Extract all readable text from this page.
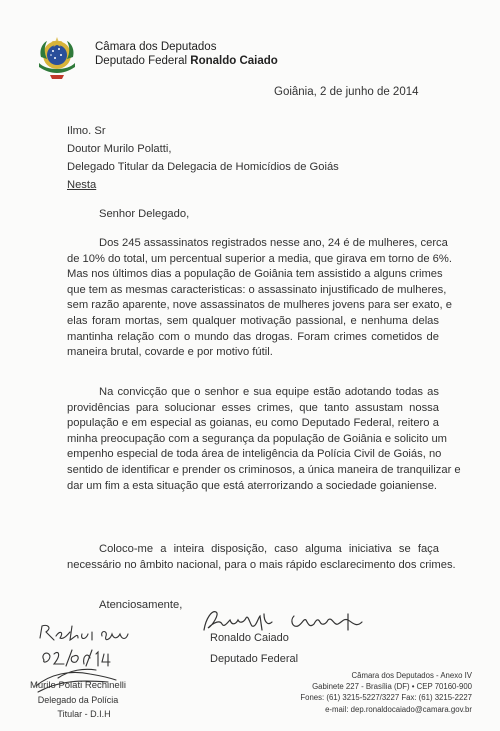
Câmara dos Deputados
Deputado Federal Ronaldo Caiado
Goiânia, 2 de junho de 2014
Ilmo. Sr
Doutor Murilo Polatti,
Delegado Titular da Delegacia de Homicídios de Goiás
Nesta
Senhor Delegado,
Dos 245 assassinatos registrados nesse ano, 24 é de mulheres, cerca
de 10% do total, um percentual superior a media, que girava em torno de 6%.
Mas nos últimos dias a população de Goiânia tem assistido a alguns crimes
que tem as mesmas caracteristicas: o assassinato injustificado de mulheres,
sem razão aparente, nove assassinatos de mulheres jovens para ser exato, e
elas foram mortas, sem qualquer motivação passional, e nenhuma delas
mantinha relação com o mundo das drogas. Foram crimes cometidos de
maneira brutal, covarde e por motivo fútil.
Na convicção que o senhor e sua equipe estão adotando todas as
providências para solucionar esses crimes, que tanto assustam nossa
população e em especial as goianas, eu como Deputado Federal, reitero a
minha preocupação com a segurança da população de Goiânia e solicito um
empenho especial de toda área de inteligência da Polícia Civil de Goiás, no
sentido de identificar e prender os criminosos, a única maneira de tranquilizar e
dar um fim a esta situação que está aterrorizando a sociedade goianiense.
Coloco-me a inteira disposição, caso alguma iniciativa se faça
necessário no âmbito nacional, para o mais rápido esclarecimento dos crimes.
Atenciosamente,
Ronaldo Caiado
Deputado Federal
Murilo Polati Rechinelli
Delegado da Polícia
Titular - D.I.H
Câmara dos Deputados - Anexo IV
Gabinete 227 - Brasília (DF) • CEP 70160-900
Fones: (61) 3215-5227/3227 Fax: (61) 3215-2227
e-mail: dep.ronaldocaiado@camara.gov.br
